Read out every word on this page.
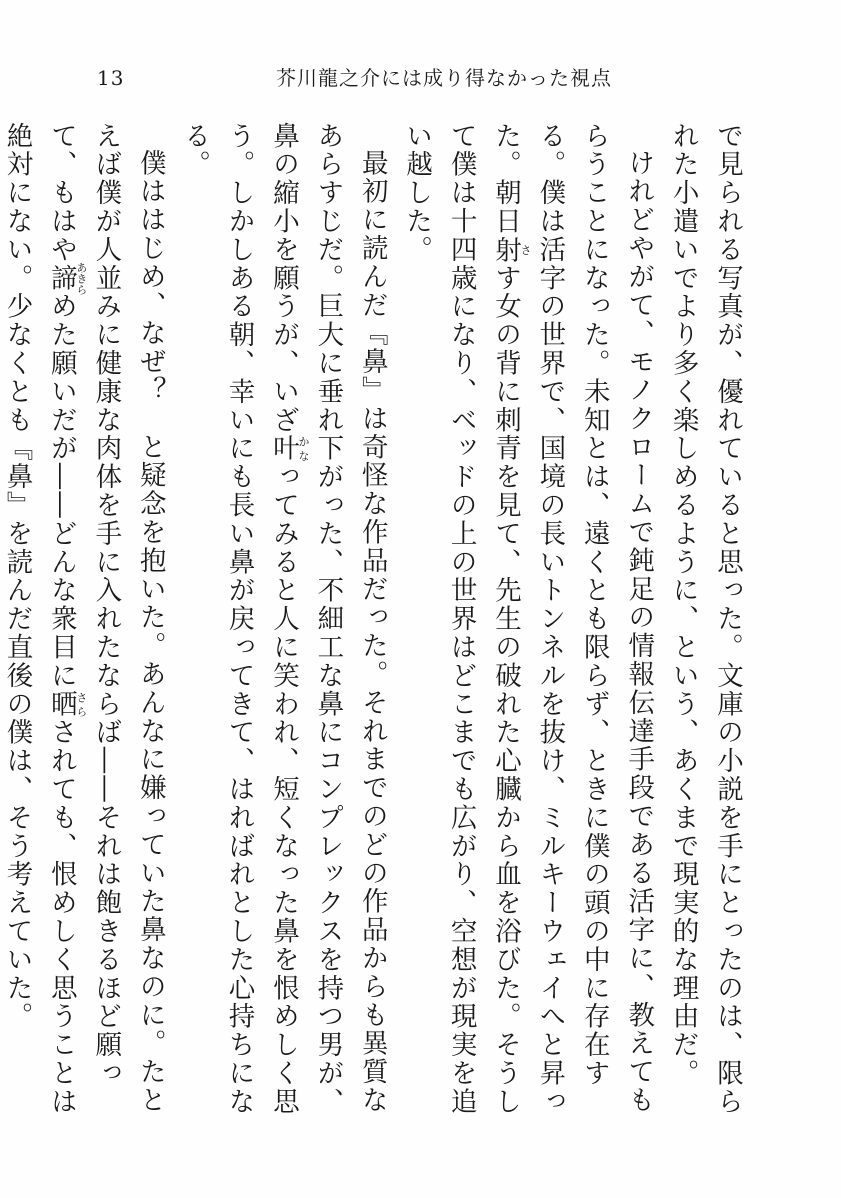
13	芥川龍之介には成り得なかった視点

で見られる写真が、優れていると思った。文庫の小説を手にとったのは、限られた小遣いでより多く楽しめるように、という、あくまで現実的な理由だ。

けれどやがて、モノクロームで鈍足の情報伝達手段である活字に、教えてもらうことになった。未知とは、遠くとも限らず、ときに僕の頭の中に存在する。僕は活字の世界で、国境の長いトンネルを抜け、ミルキーウェイへと昇った。朝日射さす女の背に刺青を見て、先生の破れた心臓から血を浴びた。そうして僕は十四歳になり、ベッドの上の世界はどこまでも広がり、空想が現実を追い越した。

最初に読んだ『鼻』は奇怪な作品だった。それまでのどの作品からも異質なあらすじだ。巨大に垂れ下がった、不細工な鼻にコンプレックスを持つ男が、鼻の縮小を願うが、いざ叶かなってみると人に笑われ、短くなった鼻を恨めしく思う。しかしある朝、幸いにも長い鼻が戻ってきて、はればれとした心持ちになる。

僕ははじめ、なぜ？　と疑念を抱いた。あんなに嫌っていた鼻なのに。たとえば僕が人並みに健康な肉体を手に入れたならば――それは飽きるほど願って、もはや諦あきらめた願いだが――どんな衆目に晒さらされても、恨めしく思うことは絶対にない。少なくとも『鼻』を読んだ直後の僕は、そう考えていた。
